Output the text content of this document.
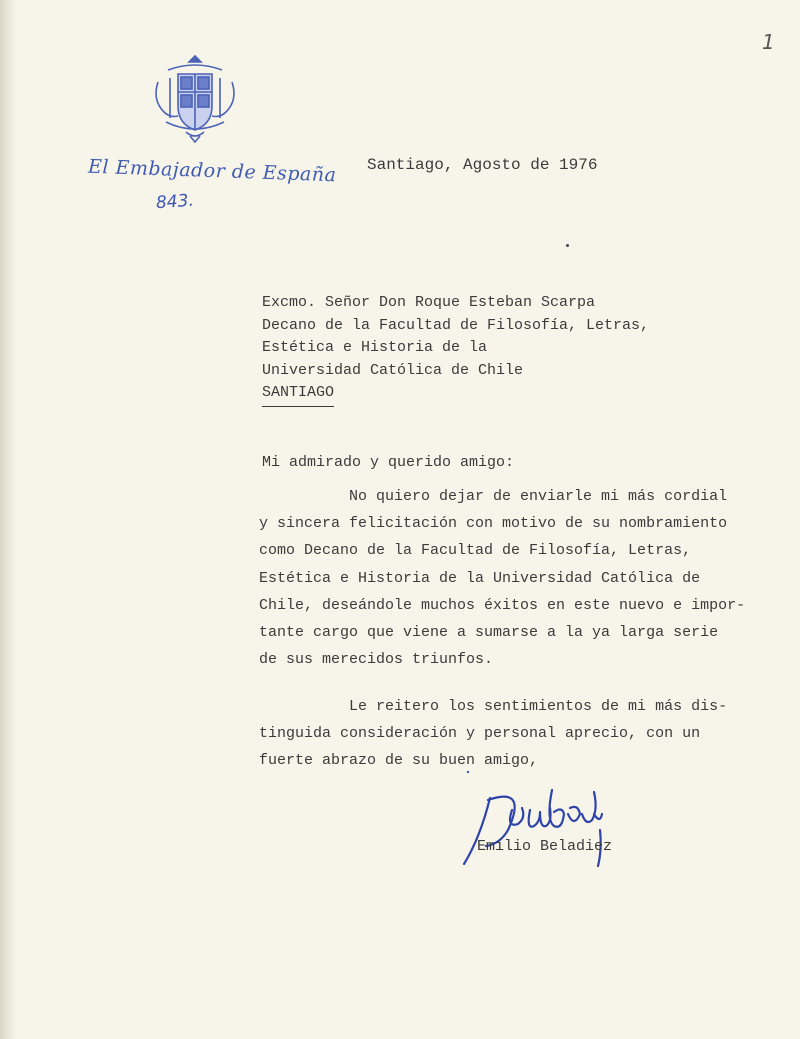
El Embajador de España
843.
1
Santiago, Agosto de 1976
Excmo. Señor Don Roque Esteban Scarpa
Decano de la Facultad de Filosofía, Letras,
Estética e Historia de la
Universidad Católica de Chile
SANTIAGO
Mi admirado y querido amigo:
No quiero dejar de enviarle mi más cordial
y sincera felicitación con motivo de su nombramiento
como Decano de la Facultad de Filosofía, Letras,
Estética e Historia de la Universidad Católica de
Chile, deseándole muchos éxitos en este nuevo e impor-
tante cargo que viene a sumarse a la ya larga serie
de sus merecidos triunfos.
Le reitero los sentimientos de mi más dis-
tinguida consideración y personal aprecio, con un
fuerte abrazo de su buen amigo,
Emilio Beladiez
